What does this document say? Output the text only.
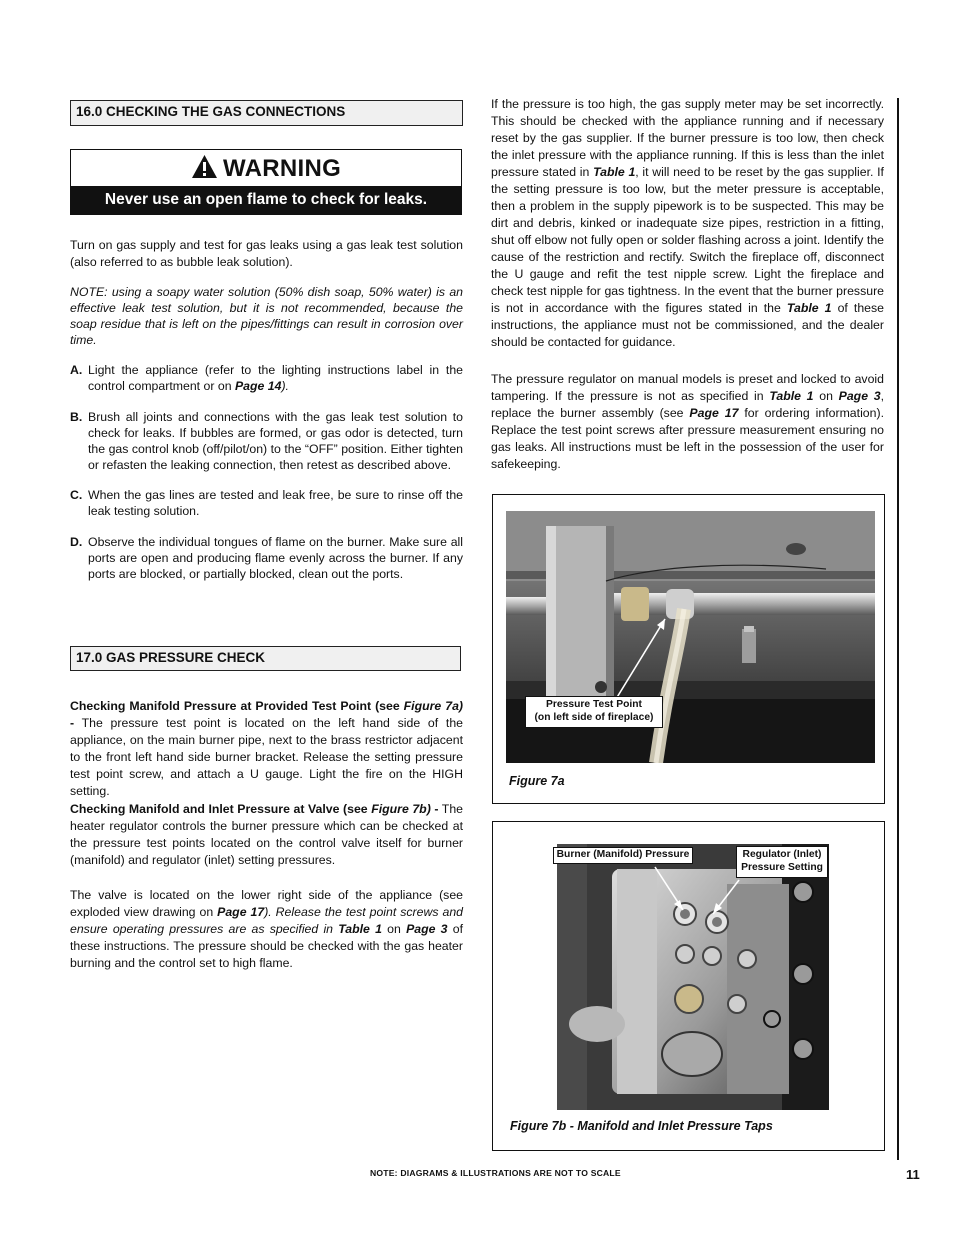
16.0 CHECKING THE GAS CONNECTIONS
WARNING
Never use an open flame to check for leaks.
Turn on gas supply and test for gas leaks using a gas leak test solution (also referred to as bubble leak solution).
NOTE: using a soapy water solution (50% dish soap, 50% water) is an effective leak test solution, but it is not recommended, because the soap residue that is left on the pipes/fittings can result in corrosion over time.
A. Light the appliance (refer to the lighting instructions label in the control compartment or on Page 14).
B. Brush all joints and connections with the gas leak test solution to check for leaks. If bubbles are formed, or gas odor is detected, turn the gas control knob (off/pilot/on) to the “OFF” position. Either tighten or refasten the leaking connection, then retest as described above.
C. When the gas lines are tested and leak free, be sure to rinse off the leak testing solution.
D. Observe the individual tongues of flame on the burner. Make sure all ports are open and producing flame evenly across the burner. If any ports are blocked, or partially blocked, clean out the ports.
17.0 GAS PRESSURE CHECK
Checking Manifold Pressure at Provided Test Point (see Figure 7a) - The pressure test point is located on the left hand side of the appliance, on the main burner pipe, next to the brass restrictor adjacent to the front left hand side burner bracket. Release the setting pressure test point screw, and attach a U gauge. Light the fire on the HIGH setting.
Checking Manifold and Inlet Pressure at Valve (see Figure 7b) - The heater regulator controls the burner pressure which can be checked at the pressure test points located on the control valve itself for burner (manifold) and regulator (inlet) setting pressures.
The valve is located on the lower right side of the appliance (see exploded view drawing on Page 17). Release the test point screws and ensure operating pressures are as specified in Table 1 on Page 3 of these instructions. The pressure should be checked with the gas heater burning and the control set to high flame.
If the pressure is too high, the gas supply meter may be set incorrectly. This should be checked with the appliance running and if necessary reset by the gas supplier. If the burner pressure is too low, then check the inlet pressure with the appliance running. If this is less than the inlet pressure stated in Table 1, it will need to be reset by the gas supplier. If the setting pressure is too low, but the meter pressure is acceptable, then a problem in the supply pipework is to be suspected. This may be dirt and debris, kinked or inadequate size pipes, restriction in a fitting, shut off elbow not fully open or solder flashing across a joint. Identify the cause of the restriction and rectify. Switch the fireplace off, disconnect the U gauge and refit the test nipple screw. Light the fireplace and check test nipple for gas tightness. In the event that the burner pressure is not in accordance with the figures stated in the Table 1 of these instructions, the appliance must not be commissioned, and the dealer should be contacted for guidance.
The pressure regulator on manual models is preset and locked to avoid tampering. If the pressure is not as specified in Table 1 on Page 3, replace the burner assembly (see Page 17 for ordering information). Replace the test point screws after pressure measurement ensuring no gas leaks. All instructions must be left in the possession of the user for safekeeping.
Pressure Test Point
(on left side of fireplace)
Figure 7a
Burner (Manifold) Pressure	Regulator (Inlet)
Pressure Setting
Figure 7b - Manifold and Inlet Pressure Taps
NOTE: DIAGRAMS & ILLUSTRATIONS ARE NOT TO SCALE	11
